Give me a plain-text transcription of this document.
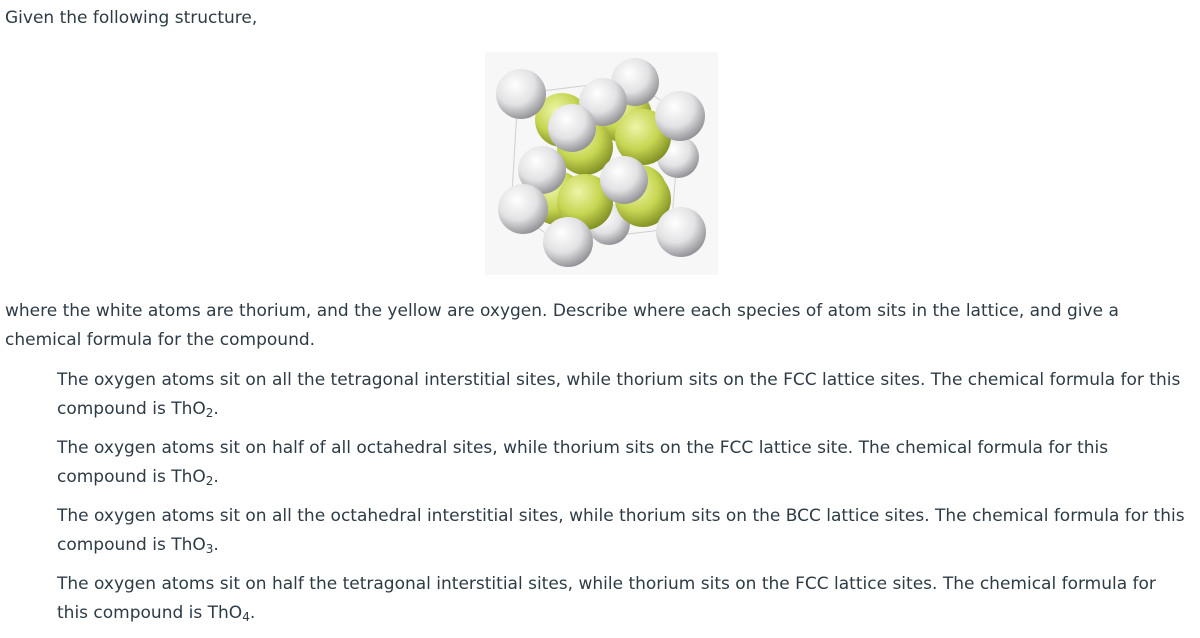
Given the following structure,

where the white atoms are thorium, and the yellow are oxygen. Describe where each species of atom sits in the lattice, and give a chemical formula for the compound.

The oxygen atoms sit on all the tetragonal interstitial sites, while thorium sits on the FCC lattice sites. The chemical formula for this compound is ThO$_2$.
The oxygen atoms sit on half of all octahedral sites, while thorium sits on the FCC lattice site. The chemical formula for this compound is ThO$_2$.
The oxygen atoms sit on all the octahedral interstitial sites, while thorium sits on the BCC lattice sites. The chemical formula for this compound is ThO$_3$.
The oxygen atoms sit on half the tetragonal interstitial sites, while thorium sits on the FCC lattice sites. The chemical formula for this compound is ThO$_4$.
